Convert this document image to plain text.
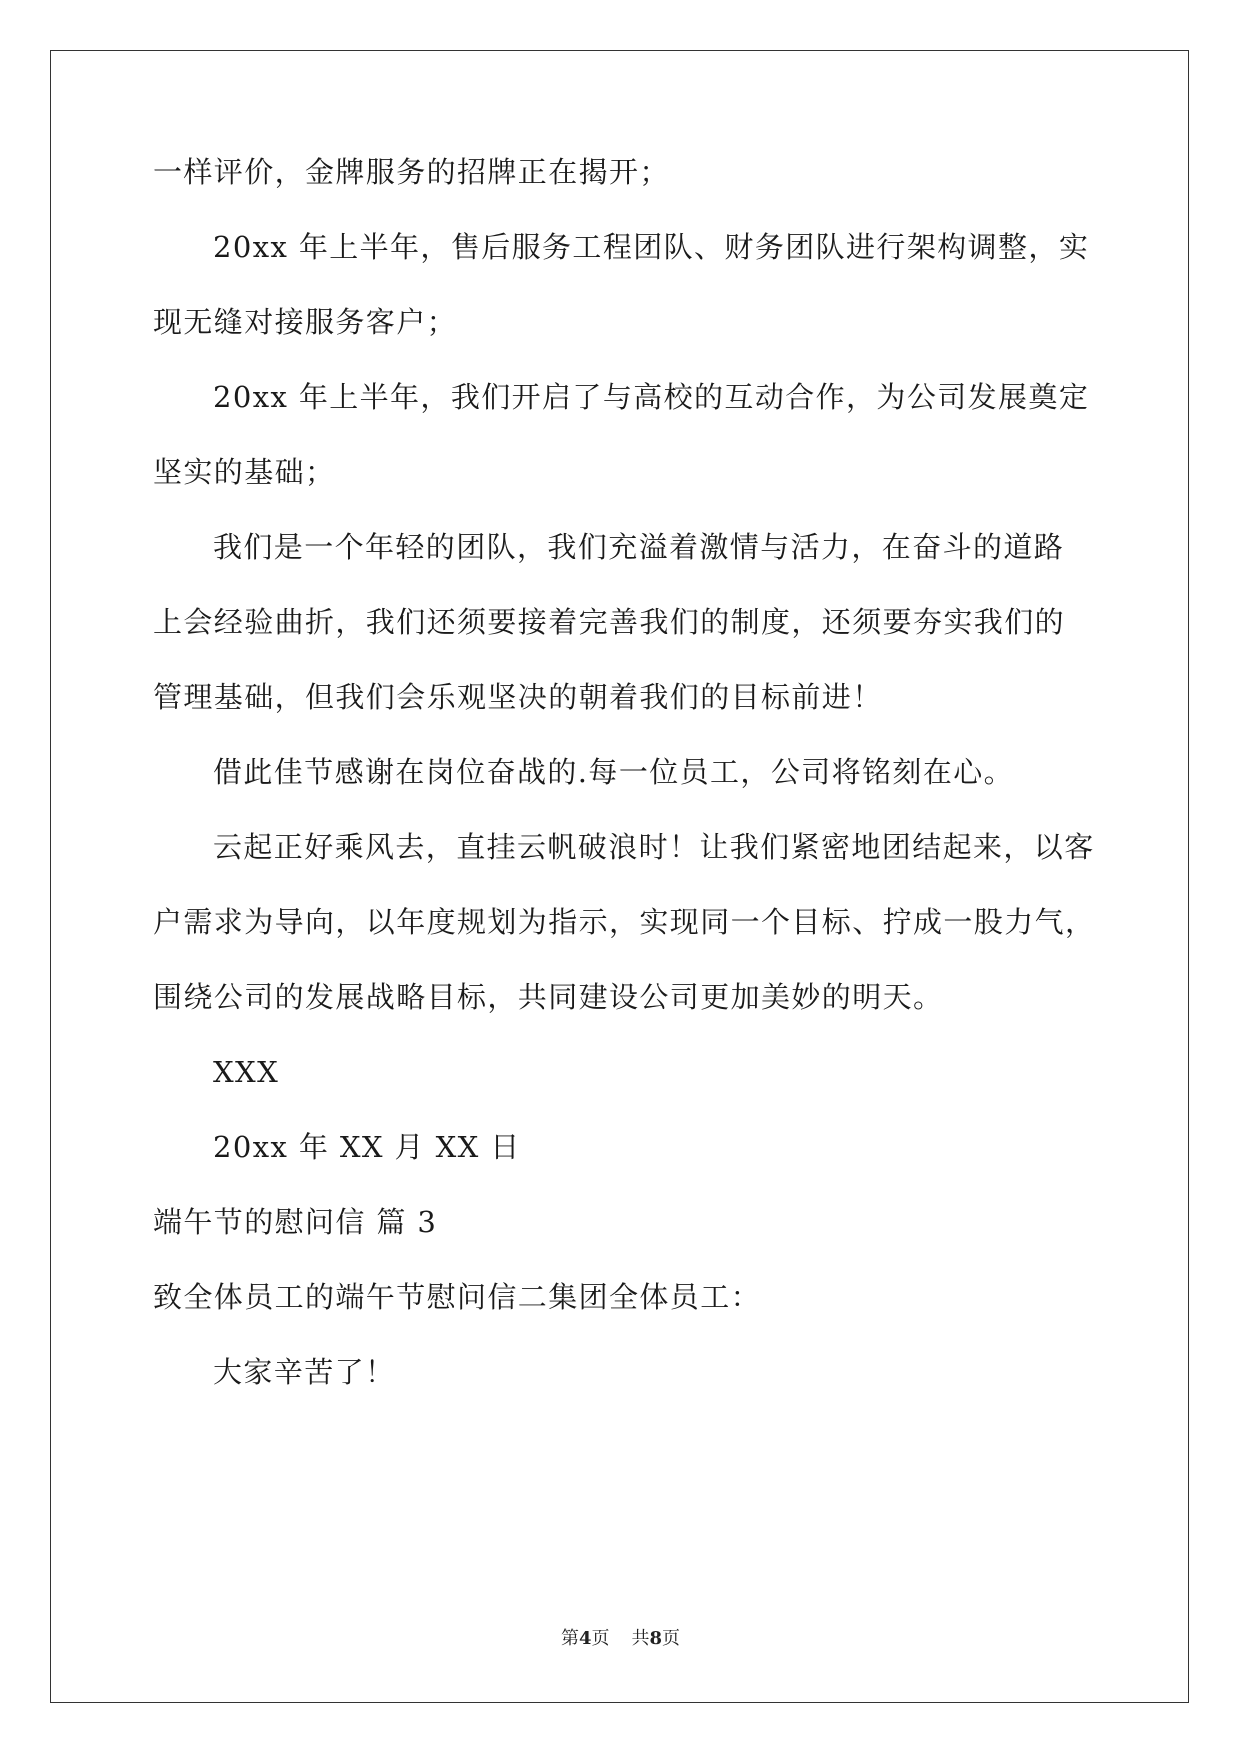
一样评价，金牌服务的招牌正在揭开；
20xx 年上半年，售后服务工程团队、财务团队进行架构调整，实
现无缝对接服务客户；
20xx 年上半年，我们开启了与高校的互动合作，为公司发展奠定
坚实的基础；
我们是一个年轻的团队，我们充溢着激情与活力，在奋斗的道路
上会经验曲折，我们还须要接着完善我们的制度，还须要夯实我们的
管理基础，但我们会乐观坚决的朝着我们的目标前进！
借此佳节感谢在岗位奋战的.每一位员工，公司将铭刻在心。
云起正好乘风去，直挂云帆破浪时！让我们紧密地团结起来，以客
户需求为导向，以年度规划为指示，实现同一个目标、拧成一股力气，
围绕公司的发展战略目标，共同建设公司更加美妙的明天。
XXX
20xx 年 XX 月 XX 日
端午节的慰问信 篇 3
致全体员工的端午节慰问信二集团全体员工：
大家辛苦了！
第4页 共8页
